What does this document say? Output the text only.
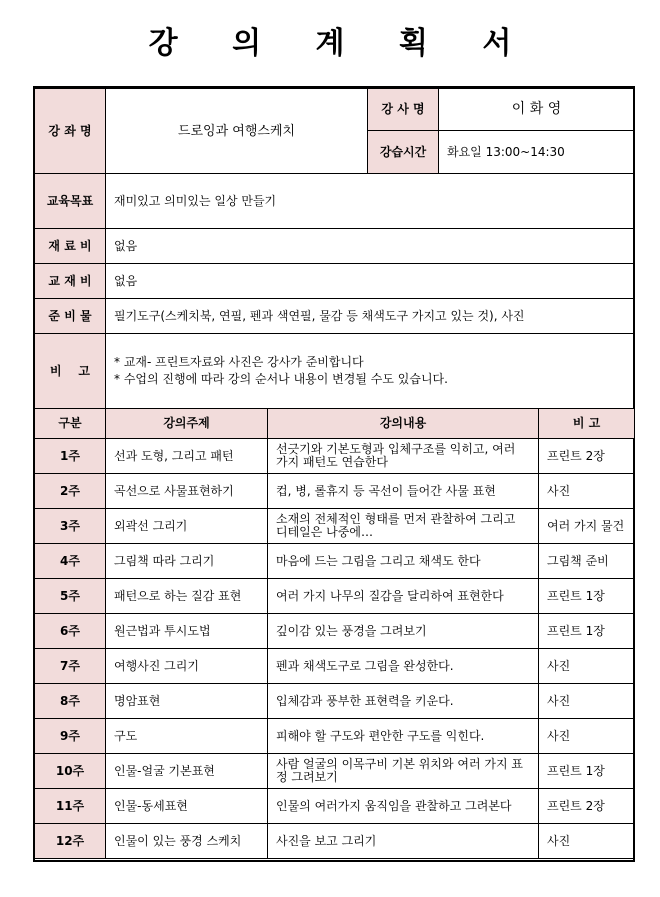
강 의 계 획 서
강 좌 명	드로잉과 여행스케치	강 사 명	이 화 영
		강습시간	화요일 13:00~14:30
교육목표	재미있고 의미있는 일상 만들기		
재 료 비	없음		
교 재 비	없음		
준 비 물	필기도구(스케치북, 연필, 펜과 색연필, 물감 등 채색도구 가지고 있는 것), 사진		
비    고	* 교재- 프린트자료와 사진은 강사가 준비합니다
* 수업의 진행에 따라 강의 순서나 내용이 변경될 수도 있습니다.		
구분	강의주제	강의내용	비 고
1주	선과 도형, 그리고 패턴	선긋기와 기본도형과 입체구조를 익히고, 여러 가지 패턴도 연습한다	프린트 2장
2주	곡선으로 사물표현하기	컵, 병, 롤휴지 등 곡선이 들어간 사물 표현	사진
3주	외곽선 그리기	소재의 전체적인 형태를 먼저 관찰하여 그리고 디테일은 나중에…	여러 가지 물건
4주	그림책 따라 그리기	마음에 드는 그림을 그리고 채색도 한다	그림책 준비
5주	패턴으로 하는 질감 표현	여러 가지 나무의 질감을 달리하여 표현한다	프린트 1장
6주	원근법과 투시도법	깊이감 있는 풍경을 그려보기	프린트 1장
7주	여행사진 그리기	펜과 채색도구로 그림을 완성한다.	사진
8주	명암표현	입체감과 풍부한 표현력을 키운다.	사진
9주	구도	피해야 할 구도와 편안한 구도를 익힌다.	사진
10주	인물-얼굴 기본표현	사람 얼굴의 이목구비 기본 위치와 여러 가지 표정 그려보기	프린트 1장
11주	인물-동세표현	인물의 여러가지 움직임을 관찰하고 그려본다	프린트 2장
12주	인물이 있는 풍경 스케치	사진을 보고 그리기	사진
